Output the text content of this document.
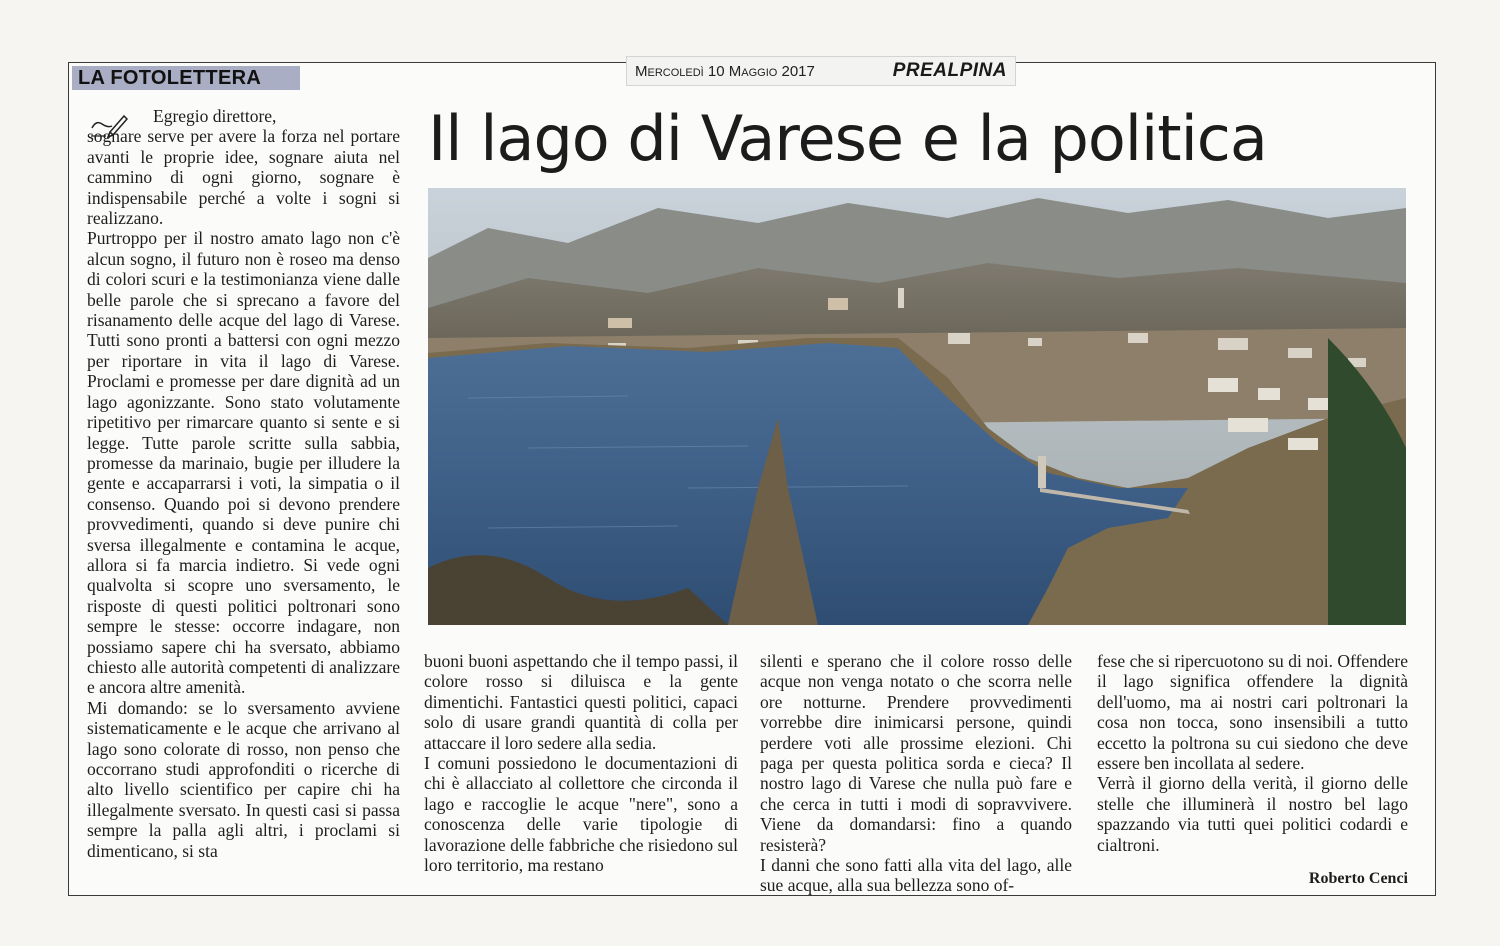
LA FOTOLETTERA	Mercoledì 10 Maggio 2017	PREALPINA
Il lago di Varese e la politica

Egregio direttore,

sognare serve per avere la forza nel portare avanti le proprie idee, sognare aiuta nel cammino di ogni giorno, sognare è indispensabile perché a volte i sogni si realizzano.

Purtroppo per il nostro amato lago non c'è alcun sogno, il futuro non è roseo ma denso di colori scuri e la testimonianza viene dalle belle parole che si sprecano a favore del risanamento delle acque del lago di Varese. Tutti sono pronti a battersi con ogni mezzo per riportare in vita il lago di Varese. Proclami e promesse per dare dignità ad un lago agonizzante. Sono stato volutamente ripetitivo per rimarcare quanto si sente e si legge. Tutte parole scritte sulla sabbia, promesse da marinaio, bugie per illudere la gente e accaparrarsi i voti, la simpatia o il consenso. Quando poi si devono prendere provvedimenti, quando si deve punire chi sversa illegalmente e contamina le acque, allora si fa marcia indietro. Si vede ogni qualvolta si scopre uno sversamento, le risposte di questi politici poltronari sono sempre le stesse: occorre indagare, non possiamo sapere chi ha sversato, abbiamo chiesto alle autorità competenti di analizzare e ancora altre amenità.

Mi domando: se lo sversamento avviene sistematicamente e le acque che arrivano al lago sono colorate di rosso, non penso che occorrano studi approfonditi o ricerche di alto livello scientifico per capire chi ha illegalmente sversato. In questi casi si passa sempre la palla agli altri, i proclami si dimenticano, si sta

buoni buoni aspettando che il tempo passi, il colore rosso si diluisca e la gente dimentichi. Fantastici questi politici, capaci solo di usare grandi quantità di colla per attaccare il loro sedere alla sedia.

I comuni possiedono le documentazioni di chi è allacciato al collettore che circonda il lago e raccoglie le acque "nere", sono a conoscenza delle varie tipologie di lavorazione delle fabbriche che risiedono sul loro territorio, ma restano

silenti e sperano che il colore rosso delle acque non venga notato o che scorra nelle ore notturne. Prendere provvedimenti vorrebbe dire inimicarsi persone, quindi perdere voti alle prossime elezioni. Chi paga per questa politica sorda e cieca? Il nostro lago di Varese che nulla può fare e che cerca in tutti i modi di sopravvivere. Viene da domandarsi: fino a quando resisterà?

I danni che sono fatti alla vita del lago, alle sue acque, alla sua bellezza sono of-

fese che si ripercuotono su di noi. Offendere il lago significa offendere la dignità dell'uomo, ma ai nostri cari poltronari la cosa non tocca, sono insensibili a tutto eccetto la poltrona su cui siedono che deve essere ben incollata al sedere.

Verrà il giorno della verità, il giorno delle stelle che illuminerà il nostro bel lago spazzando via tutti quei politici codardi e cialtroni.

Roberto Cenci
